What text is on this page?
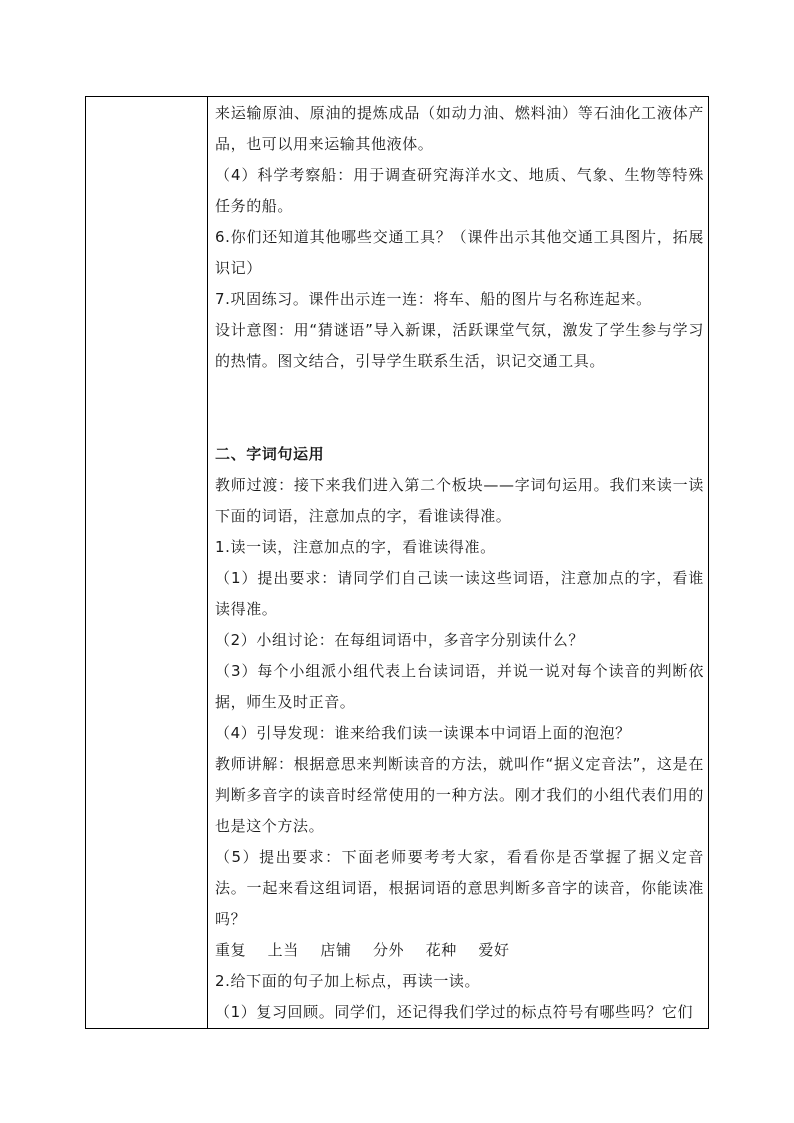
来运输原油、原油的提炼成品（如动力油、燃料油）等石油化工液体产品，也可以用来运输其他液体。

（4）科学考察船：用于调查研究海洋水文、地质、气象、生物等特殊任务的船。

6.你们还知道其他哪些交通工具？（课件出示其他交通工具图片，拓展识记）

7.巩固练习。课件出示连一连：将车、船的图片与名称连起来。

设计意图：用“猜谜语”导入新课，活跃课堂气氛，激发了学生参与学习的热情。图文结合，引导学生联系生活，识记交通工具。

二、字词句运用

教师过渡：接下来我们进入第二个板块——字词句运用。我们来读一读下面的词语，注意加点的字，看谁读得准。

1.读一读，注意加点的字，看谁读得准。

（1）提出要求：请同学们自己读一读这些词语，注意加点的字，看谁读得准。

（2）小组讨论：在每组词语中，多音字分别读什么？

（3）每个小组派小组代表上台读词语，并说一说对每个读音的判断依据，师生及时正音。

（4）引导发现：谁来给我们读一读课本中词语上面的泡泡？

教师讲解：根据意思来判断读音的方法，就叫作“据义定音法”，这是在判断多音字的读音时经常使用的一种方法。刚才我们的小组代表们用的也是这个方法。

（5）提出要求：下面老师要考考大家，看看你是否掌握了据义定音法。一起来看这组词语，根据词语的意思判断多音字的读音，你能读准吗？

重复    上当    店铺    分外    花种    爱好

2.给下面的句子加上标点，再读一读。

（1）复习回顾。同学们，还记得我们学过的标点符号有哪些吗？它们
